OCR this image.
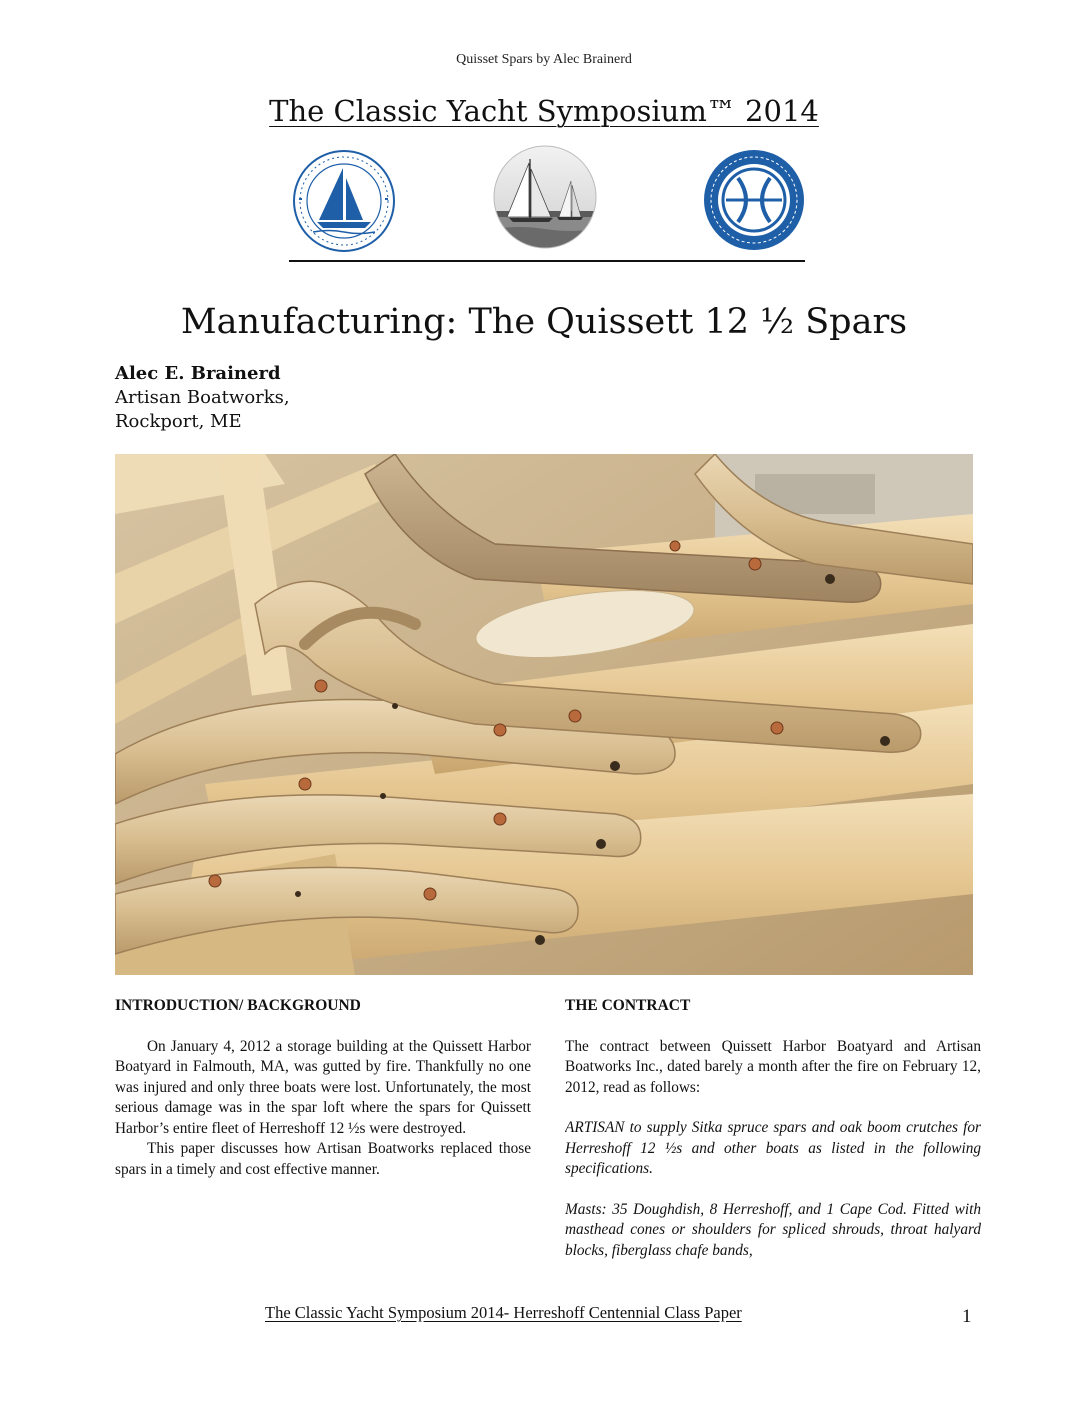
Quisset Spars by Alec Brainerd
The Classic Yacht Symposium™ 2014
Manufacturing: The Quissett 12 ½ Spars
Alec E. Brainerd
Artisan Boatworks,
Rockport, ME
INTRODUCTION/ BACKGROUND

On January 4, 2012 a storage building at the Quissett Harbor Boatyard in Falmouth, MA, was gutted by fire. Thankfully no one was injured and only three boats were lost. Unfortunately, the most serious damage was in the spar loft where the spars for Quissett Harbor’s entire fleet of Herreshoff 12 ½s were destroyed.

This paper discusses how Artisan Boatworks replaced those spars in a timely and cost effective manner.

THE CONTRACT

The contract between Quissett Harbor Boatyard and Artisan Boatworks Inc., dated barely a month after the fire on February 12, 2012, read as follows:

ARTISAN to supply Sitka spruce spars and oak boom crutches for Herreshoff 12 ½s and other boats as listed in the following specifications.

Masts: 35 Doughdish, 8 Herreshoff, and 1 Cape Cod. Fitted with masthead cones or shoulders for spliced shrouds, throat halyard blocks, fiberglass chafe bands,

The Classic Yacht Symposium 2014- Herreshoff Centennial Class Paper	1
